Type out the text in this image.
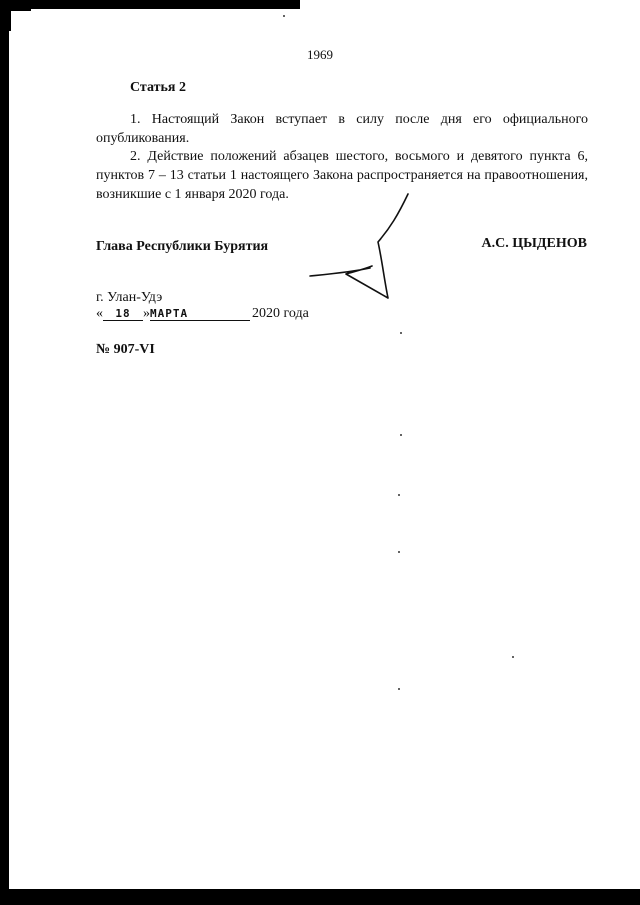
1969
Статья 2
1. Настоящий Закон вступает в силу после дня его официального опубликования.
2. Действие положений абзацев шестого, восьмого и девятого пункта 6, пунктов 7 – 13 статьи 1 настоящего Закона распространяется на правоотношения, возникшие с 1 января 2020 года.
Глава Республики Бурятия	А.С. ЦЫДЕНОВ
г. Улан-Удэ
« 18 »МАРТА	2020 года
№ 907-VI
